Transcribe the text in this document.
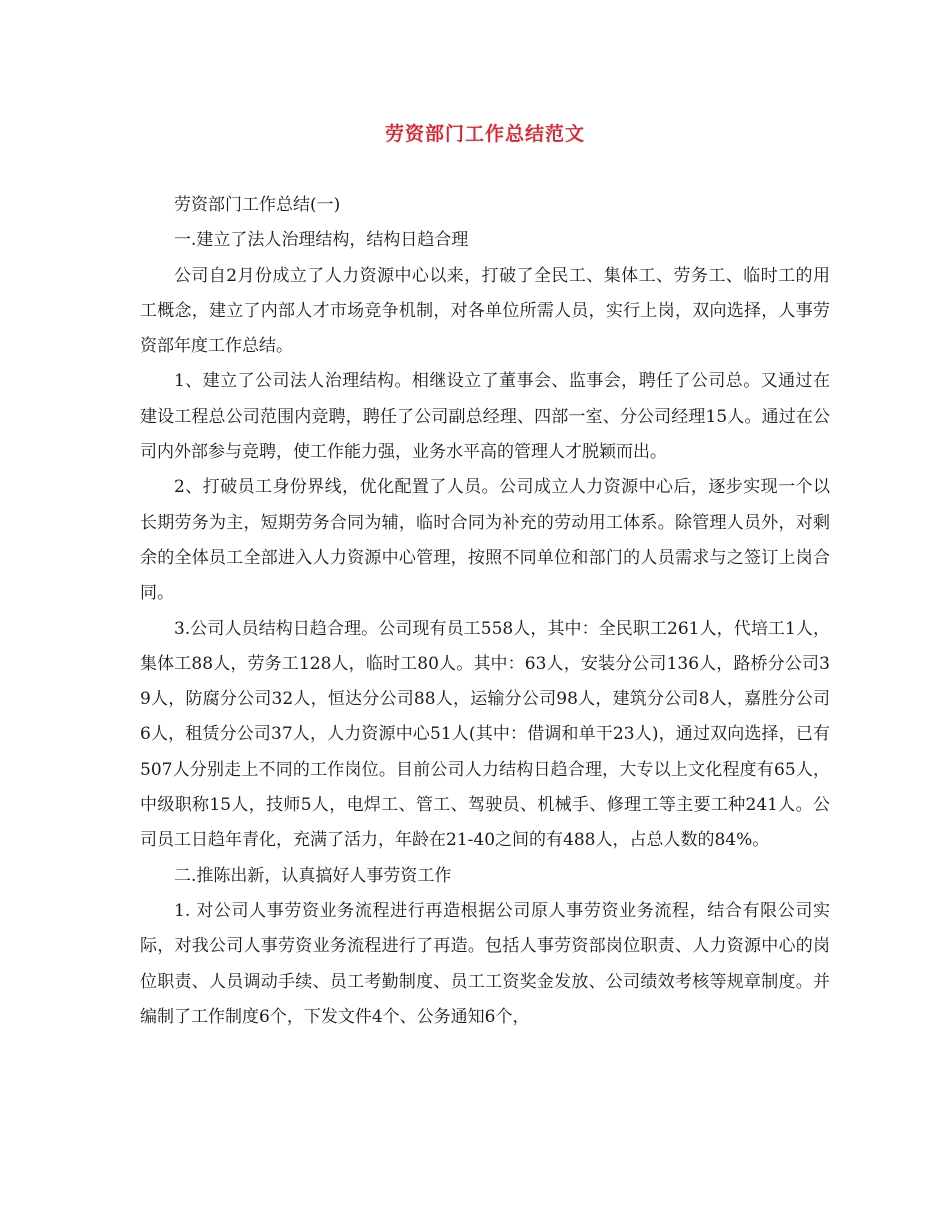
劳资部门工作总结范文

劳资部门工作总结(一)

一.建立了法人治理结构，结构日趋合理

公司自2月份成立了人力资源中心以来，打破了全民工、集体工、劳务工、临时工的用工概念，建立了内部人才市场竞争机制，对各单位所需人员，实行上岗，双向选择，人事劳资部年度工作总结。

1、建立了公司法人治理结构。相继设立了董事会、监事会，聘任了公司总。又通过在建设工程总公司范围内竞聘，聘任了公司副总经理、四部一室、分公司经理15人。通过在公司内外部参与竞聘，使工作能力强，业务水平高的管理人才脱颖而出。

2、打破员工身份界线，优化配置了人员。公司成立人力资源中心后，逐步实现一个以长期劳务为主，短期劳务合同为辅，临时合同为补充的劳动用工体系。除管理人员外，对剩余的全体员工全部进入人力资源中心管理，按照不同单位和部门的人员需求与之签订上岗合同。

3.公司人员结构日趋合理。公司现有员工558人，其中：全民职工261人，代培工1人，集体工88人，劳务工128人，临时工80人。其中：63人，安装分公司136人，路桥分公司39人，防腐分公司32人，恒达分公司88人，运输分公司98人，建筑分公司8人，嘉胜分公司6人，租赁分公司37人，人力资源中心51人(其中：借调和单干23人)，通过双向选择，已有507人分别走上不同的工作岗位。目前公司人力结构日趋合理，大专以上文化程度有65人，中级职称15人，技师5人，电焊工、管工、驾驶员、机械手、修理工等主要工种241人。公司员工日趋年青化，充满了活力，年龄在21-40之间的有488人，占总人数的84%。

二.推陈出新，认真搞好人事劳资工作

1. 对公司人事劳资业务流程进行再造根据公司原人事劳资业务流程，结合有限公司实际，对我公司人事劳资业务流程进行了再造。包括人事劳资部岗位职责、人力资源中心的岗位职责、人员调动手续、员工考勤制度、员工工资奖金发放、公司绩效考核等规章制度。并编制了工作制度6个，下发文件4个、公务通知6个，
